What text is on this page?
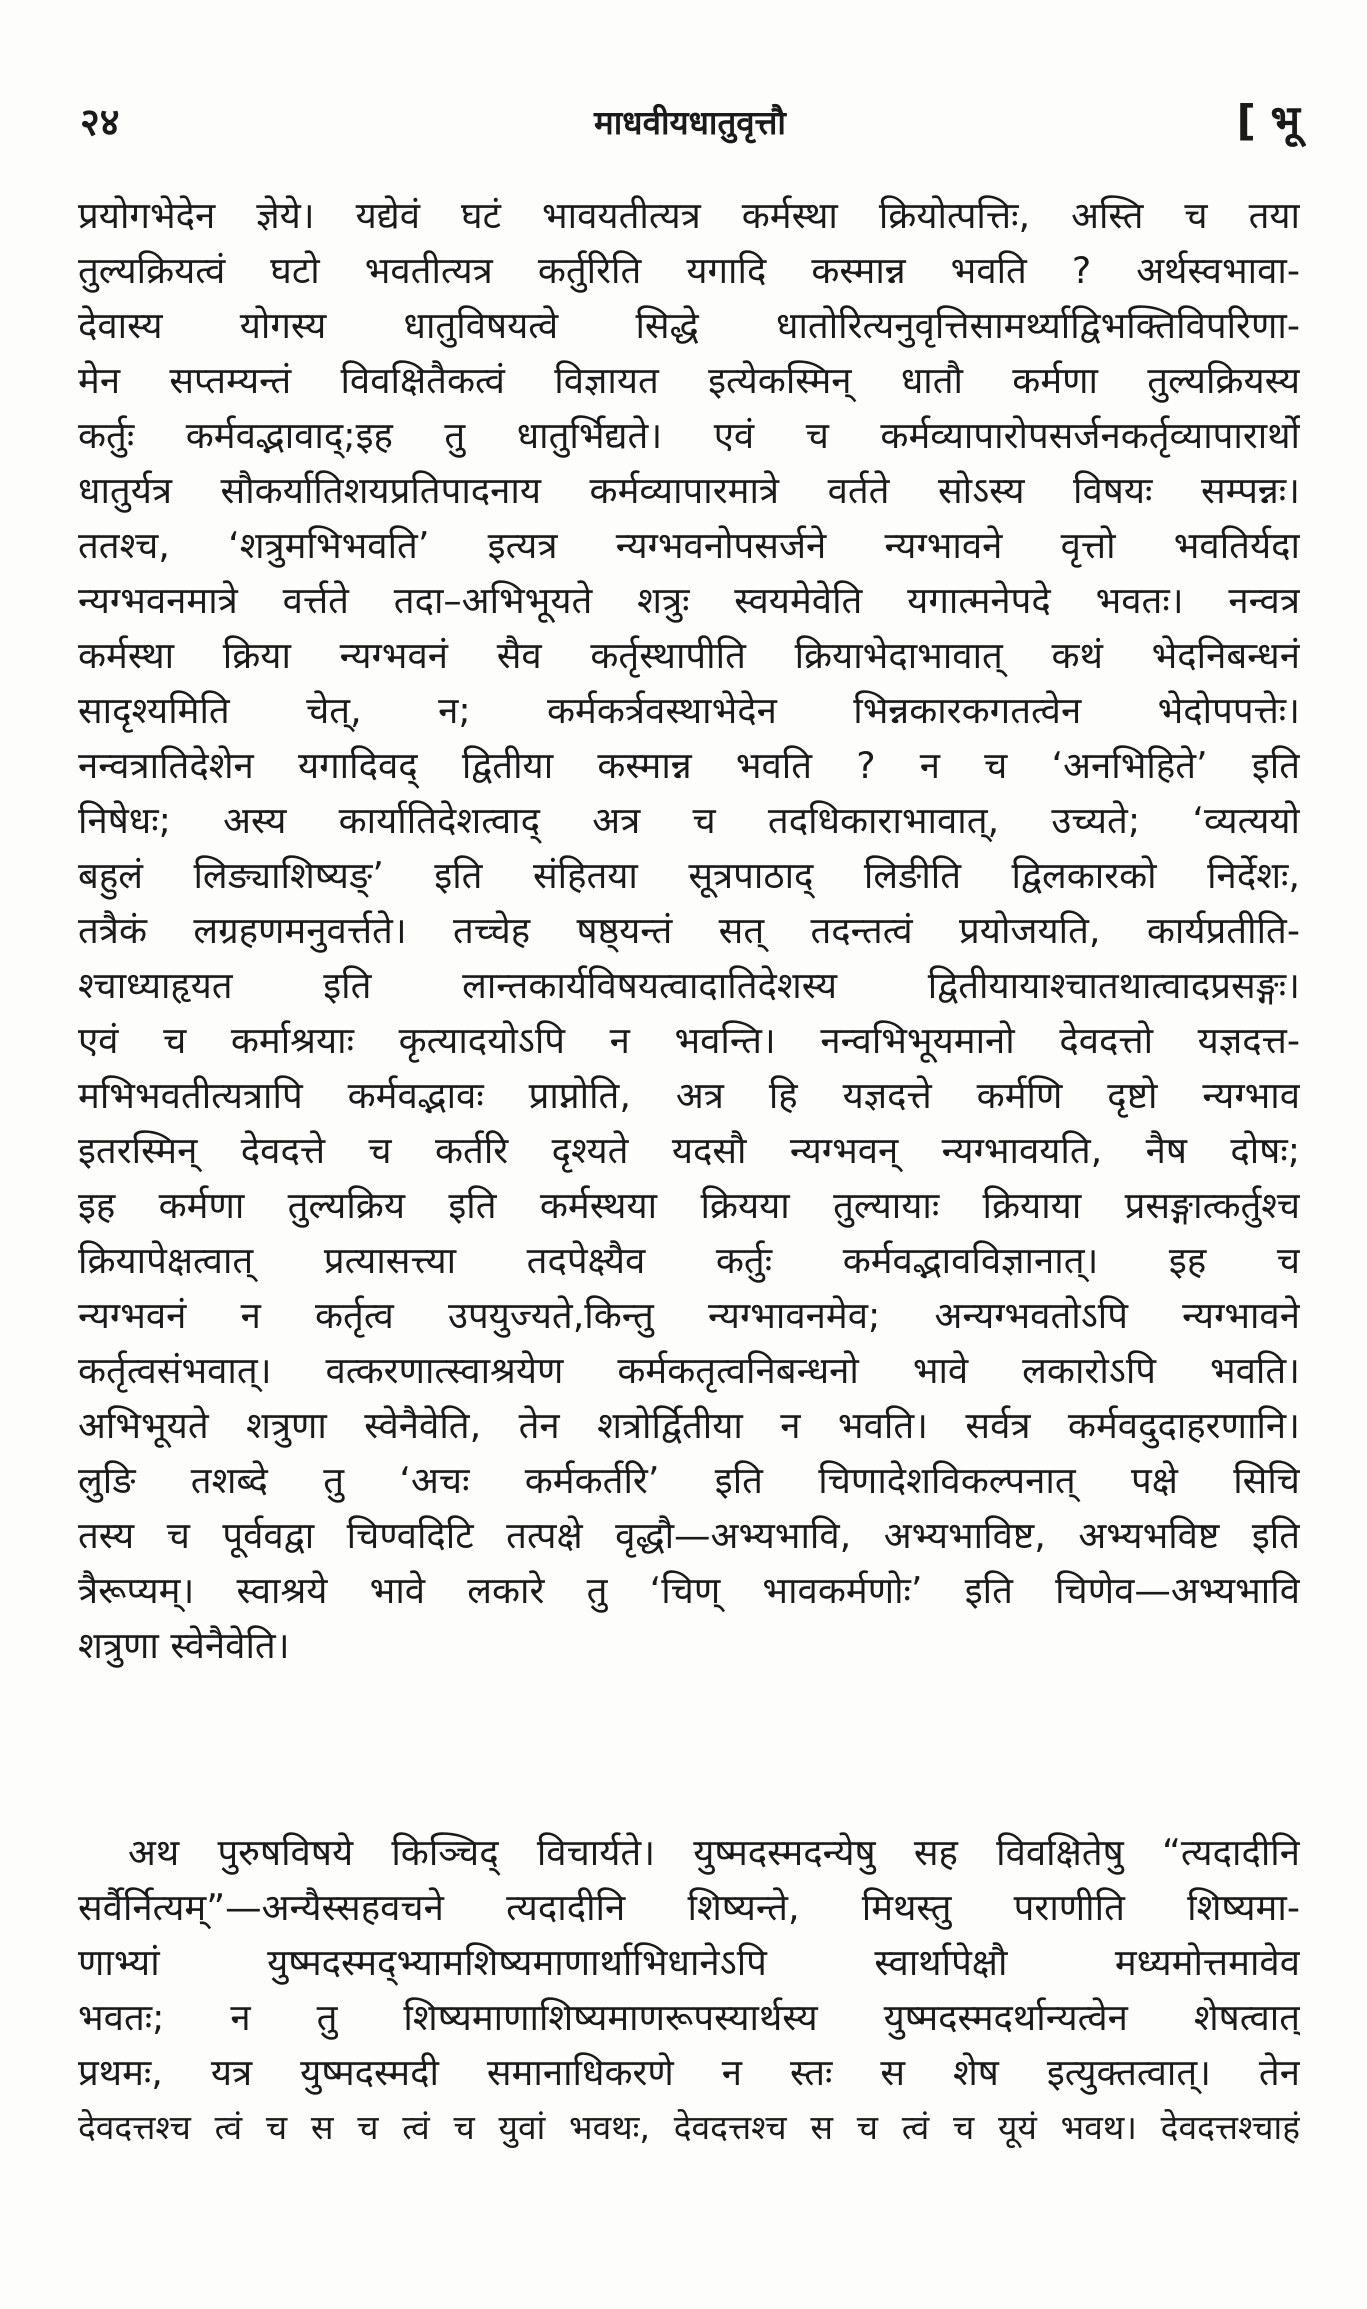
२४	माधवीयधातुवृत्तौ	[ भू
प्रयोगभेदेन ज्ञेये। यद्येवं घटं भावयतीत्यत्र कर्मस्था क्रियोत्पत्तिः, अस्ति च तया
तुल्यक्रियत्वं घटो भवतीत्यत्र कर्तुरिति यगादि कस्मान्न भवति ? अर्थस्वभावा-
देवास्य योगस्य धातुविषयत्वे सिद्धे धातोरित्यनुवृत्तिसामर्थ्याद्विभक्तिविपरिणा-
मेन सप्तम्यन्तं विवक्षितैकत्वं विज्ञायत इत्येकस्मिन् धातौ कर्मणा तुल्यक्रियस्य
कर्तुः कर्मवद्भावाद्;इह तु धातुर्भिद्यते। एवं च कर्मव्यापारोपसर्जनकर्तृव्यापारार्थो
धातुर्यत्र सौकर्यातिशयप्रतिपादनाय कर्मव्यापारमात्रे वर्तते सोऽस्य विषयः सम्पन्नः।
ततश्च, ‘शत्रुमभिभवति’ इत्यत्र न्यग्भवनोपसर्जने न्यग्भावने वृत्तो भवतिर्यदा
न्यग्भवनमात्रे वर्त्तते तदा–अभिभूयते शत्रुः स्वयमेवेति यगात्मनेपदे भवतः। नन्वत्र
कर्मस्था क्रिया न्यग्भवनं सैव कर्तृस्थापीति क्रियाभेदाभावात् कथं भेदनिबन्धनं
सादृश्यमिति चेत्, न; कर्मकर्त्रवस्थाभेदेन भिन्नकारकगतत्वेन भेदोपपत्तेः।
नन्वत्रातिदेशेन यगादिवद् द्वितीया कस्मान्न भवति ? न च ‘अनभिहिते’ इति
निषेधः; अस्य कार्यातिदेशत्वाद् अत्र च तदधिकाराभावात्, उच्यते; ‘व्यत्ययो
बहुलं लिङ्याशिष्यङ्’ इति संहितया सूत्रपाठाद् लिङीति द्विलकारको निर्देशः,
तत्रैकं लग्रहणमनुवर्त्तते। तच्चेह षष्ठ्यन्तं सत् तदन्तत्वं प्रयोजयति, कार्यप्रतीति-
श्चाध्याहृयत इति लान्तकार्यविषयत्वादातिदेशस्य द्वितीयायाश्चातथात्वादप्रसङ्गः।
एवं च कर्माश्रयाः कृत्यादयोऽपि न भवन्ति। नन्वभिभूयमानो देवदत्तो यज्ञदत्त-
मभिभवतीत्यत्रापि कर्मवद्भावः प्राप्नोति, अत्र हि यज्ञदत्ते कर्मणि दृष्टो न्यग्भाव
इतरस्मिन् देवदत्ते च कर्तरि दृश्यते यदसौ न्यग्भवन् न्यग्भावयति, नैष दोषः;
इह कर्मणा तुल्यक्रिय इति कर्मस्थया क्रियया तुल्यायाः क्रियाया प्रसङ्गात्कर्तुश्च
क्रियापेक्षत्वात् प्रत्यासत्त्या तदपेक्ष्यैव कर्तुः कर्मवद्भावविज्ञानात्। इह च
न्यग्भवनं न कर्तृत्व उपयुज्यते,किन्तु न्यग्भावनमेव; अन्यग्भवतोऽपि न्यग्भावने
कर्तृत्वसंभवात्। वत्करणात्स्वाश्रयेण कर्मकतृत्वनिबन्धनो भावे लकारोऽपि भवति।
अभिभूयते शत्रुणा स्वेनैवेति, तेन शत्रोर्द्वितीया न भवति। सर्वत्र कर्मवदुदाहरणानि।
लुङि तशब्दे तु ‘अचः कर्मकर्तरि’ इति चिणादेशविकल्पनात् पक्षे सिचि
तस्य च पूर्ववद्वा चिण्वदिटि तत्पक्षे वृद्धौ—अभ्यभावि, अभ्यभाविष्ट, अभ्यभविष्ट इति
त्रैरूप्यम्। स्वाश्रये भावे लकारे तु ‘चिण् भावकर्मणोः’ इति चिणेव—अभ्यभावि
शत्रुणा स्वेनैवेति।
अथ पुरुषविषये किञ्चिद् विचार्यते। युष्मदस्मदन्येषु सह विवक्षितेषु “त्यदादीनि
सर्वैर्नित्यम्”—अन्यैस्सहवचने त्यदादीनि शिष्यन्ते, मिथस्तु पराणीति शिष्यमा-
णाभ्यां युष्मदस्मद्भ्यामशिष्यमाणार्थाभिधानेऽपि स्वार्थापेक्षौ मध्यमोत्तमावेव
भवतः; न तु शिष्यमाणाशिष्यमाणरूपस्यार्थस्य युष्मदस्मदर्थान्यत्वेन शेषत्वात्
प्रथमः, यत्र युष्मदस्मदी समानाधिकरणे न स्तः स शेष इत्युक्तत्वात्। तेन
देवदत्तश्च त्वं च स च त्वं च युवां भवथः, देवदत्तश्च स च त्वं च यूयं भवथ। देवदत्तश्चाहं
